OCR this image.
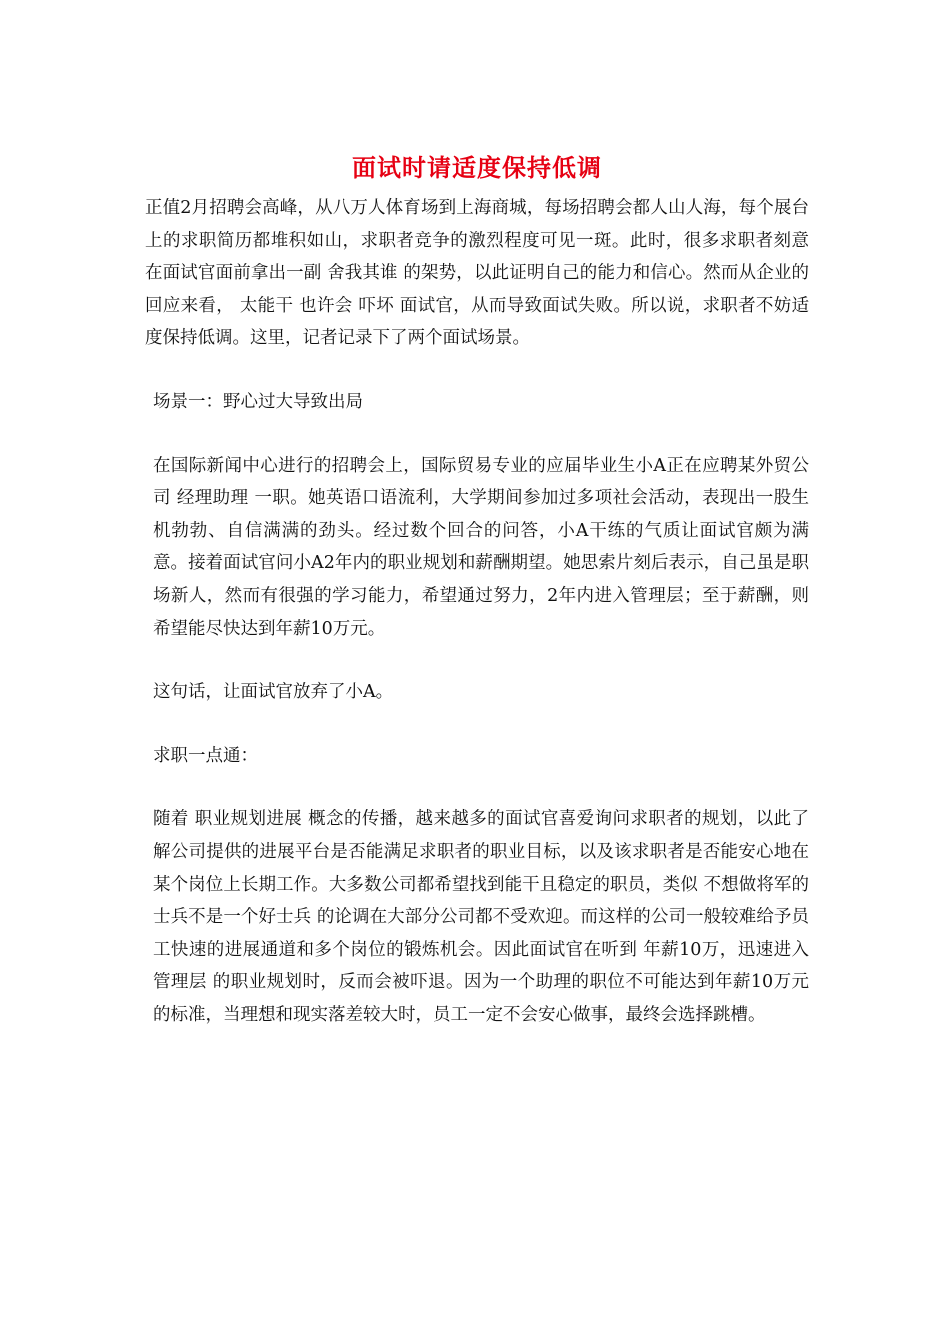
面试时请适度保持低调

正值2月招聘会高峰，从八万人体育场到上海商城，每场招聘会都人山人海，每个展台上的求职简历都堆积如山，求职者竞争的激烈程度可见一斑。此时，很多求职者刻意在面试官面前拿出一副 舍我其谁 的架势，以此证明自己的能力和信心。然而从企业的回应来看， 太能干 也许会 吓坏 面试官，从而导致面试失败。所以说，求职者不妨适度保持低调。这里，记者记录下了两个面试场景。

场景一：野心过大导致出局

在国际新闻中心进行的招聘会上，国际贸易专业的应届毕业生小A正在应聘某外贸公司 经理助理 一职。她英语口语流利，大学期间参加过多项社会活动，表现出一股生机勃勃、自信满满的劲头。经过数个回合的问答，小A干练的气质让面试官颇为满意。接着面试官问小A2年内的职业规划和薪酬期望。她思索片刻后表示，自己虽是职场新人，然而有很强的学习能力，希望通过努力，2年内进入管理层；至于薪酬，则希望能尽快达到年薪10万元。

这句话，让面试官放弃了小A。

求职一点通：

随着 职业规划进展 概念的传播，越来越多的面试官喜爱询问求职者的规划，以此了解公司提供的进展平台是否能满足求职者的职业目标，以及该求职者是否能安心地在某个岗位上长期工作。大多数公司都希望找到能干且稳定的职员，类似 不想做将军的士兵不是一个好士兵 的论调在大部分公司都不受欢迎。而这样的公司一般较难给予员工快速的进展通道和多个岗位的锻炼机会。因此面试官在听到 年薪10万，迅速进入管理层 的职业规划时，反而会被吓退。因为一个助理的职位不可能达到年薪10万元的标准，当理想和现实落差较大时，员工一定不会安心做事，最终会选择跳槽。
